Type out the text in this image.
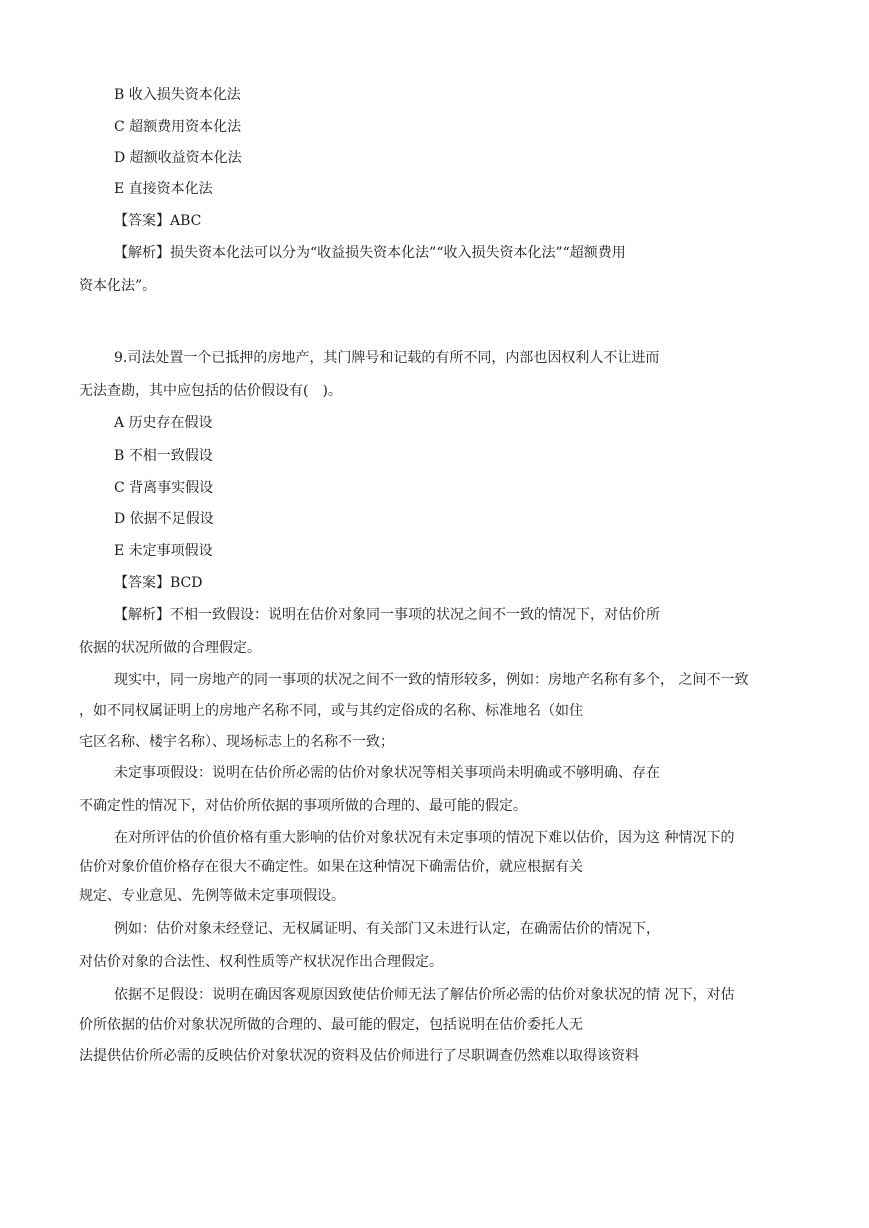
B 收入损失资本化法
C 超额费用资本化法
D 超额收益资本化法
E 直接资本化法
【答案】ABC
【解析】损失资本化法可以分为“收益损失资本化法”“收入损失资本化法”“超额费用
资本化法”。
9.司法处置一个已抵押的房地产，其门牌号和记载的有所不同，内部也因权利人不让进而
无法查勘，其中应包括的估价假设有(　)。
A 历史存在假设
B 不相一致假设
C 背离事实假设
D 依据不足假设
E 未定事项假设
【答案】BCD
【解析】不相一致假设：说明在估价对象同一事项的状况之间不一致的情况下，对估价所
依据的状况所做的合理假定。
现实中，同一房地产的同一事项的状况之间不一致的情形较多，例如：房地产名称有多个， 之间不一致
，如不同权属证明上的房地产名称不同，或与其约定俗成的名称、标准地名（如住
宅区名称、楼宇名称）、现场标志上的名称不一致；
未定事项假设：说明在估价所必需的估价对象状况等相关事项尚未明确或不够明确、存在
不确定性的情况下，对估价所依据的事项所做的合理的、最可能的假定。
在对所评估的价值价格有重大影响的估价对象状况有未定事项的情况下难以估价，因为这 种情况下的
估价对象价值价格存在很大不确定性。如果在这种情况下确需估价，就应根据有关
规定、专业意见、先例等做未定事项假设。
例如：估价对象未经登记、无权属证明、有关部门又未进行认定，在确需估价的情况下，
对估价对象的合法性、权利性质等产权状况作出合理假定。
依据不足假设：说明在确因客观原因致使估价师无法了解估价所必需的估价对象状况的情 况下，对估
价所依据的估价对象状况所做的合理的、最可能的假定，包括说明在估价委托人无
法提供估价所必需的反映估价对象状况的资料及估价师进行了尽职调查仍然难以取得该资料
